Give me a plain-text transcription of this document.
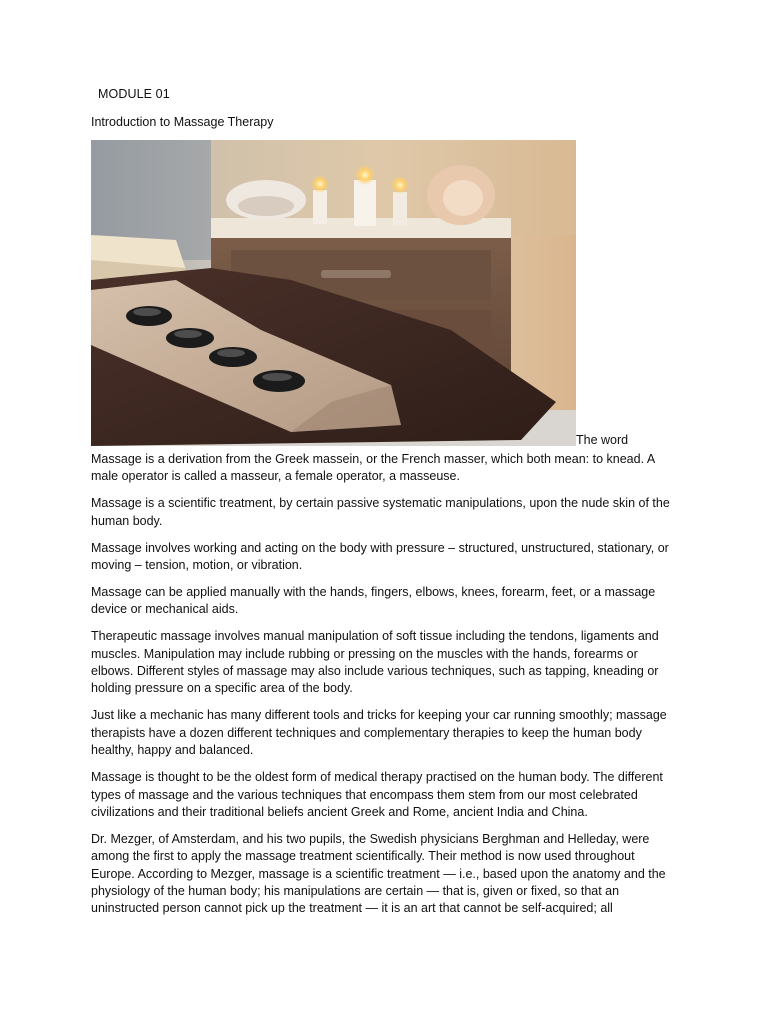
MODULE 01
Introduction to Massage Therapy
The word

Massage is a derivation from the Greek massein, or the French masser, which both mean: to knead. A male operator is called a masseur, a female operator, a masseuse.

Massage is a scientific treatment, by certain passive systematic manipulations, upon the nude skin of the human body.

Massage involves working and acting on the body with pressure – structured, unstructured, stationary, or moving – tension, motion, or vibration.

Massage can be applied manually with the hands, fingers, elbows, knees, forearm, feet, or a massage device or mechanical aids.

Therapeutic massage involves manual manipulation of soft tissue including the tendons, ligaments and muscles. Manipulation may include rubbing or pressing on the muscles with the hands, forearms or elbows. Different styles of massage may also include various techniques, such as tapping, kneading or holding pressure on a specific area of the body.

Just like a mechanic has many different tools and tricks for keeping your car running smoothly; massage therapists have a dozen different techniques and complementary therapies to keep the human body healthy, happy and balanced.

Massage is thought to be the oldest form of medical therapy practised on the human body. The different types of massage and the various techniques that encompass them stem from our most celebrated civilizations and their traditional beliefs ancient Greek and Rome, ancient India and China.

Dr. Mezger, of Amsterdam, and his two pupils, the Swedish physicians Berghman and Helleday, were among the first to apply the massage treatment scientifically. Their method is now used throughout Europe. According to Mezger, massage is a scientific treatment — i.e., based upon the anatomy and the physiology of the human body; his manipulations are certain — that is, given or fixed, so that an uninstructed person cannot pick up the treatment — it is an art that cannot be self-acquired; all
